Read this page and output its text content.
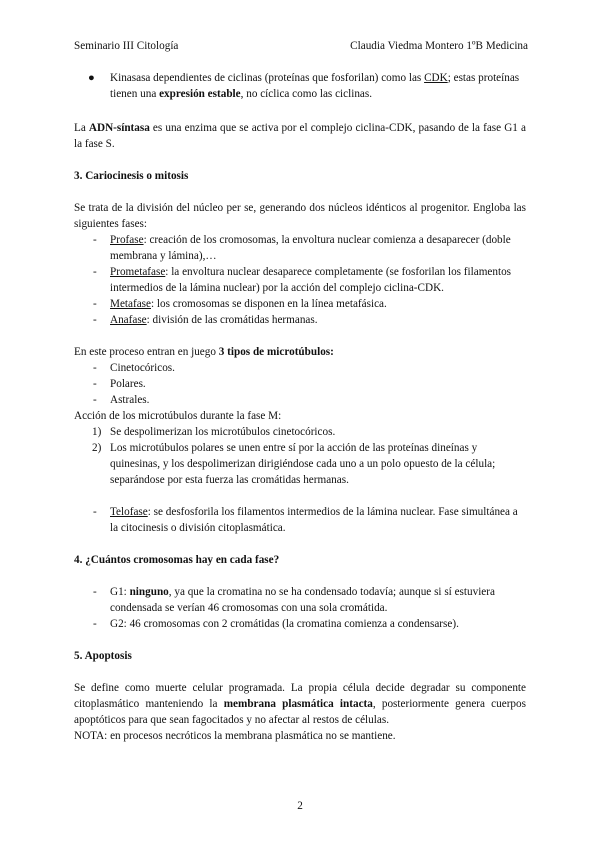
Seminario III Citología	Claudia Viedma Montero 1ºB Medicina
● Kinasasa dependientes de ciclinas (proteínas que fosforilan) como las CDK; estas proteínas tienen una expresión estable, no cíclica como las ciclinas.
La ADN-síntasa es una enzima que se activa por el complejo ciclina-CDK, pasando de la fase G1 a la fase S.
3. Cariocinesis o mitosis
Se trata de la división del núcleo per se, generando dos núcleos idénticos al progenitor. Engloba las siguientes fases:
- Profase: creación de los cromosomas, la envoltura nuclear comienza a desaparecer (doble membrana y lámina),…
- Prometafase: la envoltura nuclear desaparece completamente (se fosforilan los filamentos intermedios de la lámina nuclear) por la acción del complejo ciclina-CDK.
- Metafase: los cromosomas se disponen en la línea metafásica.
- Anafase: división de las cromátidas hermanas.
En este proceso entran en juego 3 tipos de microtúbulos:
- Cinetocóricos.
- Polares.
- Astrales.
Acción de los microtúbulos durante la fase M:
1) Se despolimerizan los microtúbulos cinetocóricos.
2) Los microtúbulos polares se unen entre sí por la acción de las proteínas dineínas y quinesinas, y los despolimerizan dirigiéndose cada uno a un polo opuesto de la célula; separándose por esta fuerza las cromátidas hermanas.
- Telofase: se desfosforila los filamentos intermedios de la lámina nuclear. Fase simultánea a la citocinesis o división citoplasmática.
4. ¿Cuántos cromosomas hay en cada fase?
- G1: ninguno, ya que la cromatina no se ha condensado todavía; aunque si sí estuviera condensada se verían 46 cromosomas con una sola cromátida.
- G2: 46 cromosomas con 2 cromátidas (la cromatina comienza a condensarse).
5. Apoptosis
Se define como muerte celular programada. La propia célula decide degradar su componente citoplasmático manteniendo la membrana plasmática intacta, posteriormente genera cuerpos apoptóticos para que sean fagocitados y no afectar al restos de células.
NOTA: en procesos necróticos la membrana plasmática no se mantiene.
2
